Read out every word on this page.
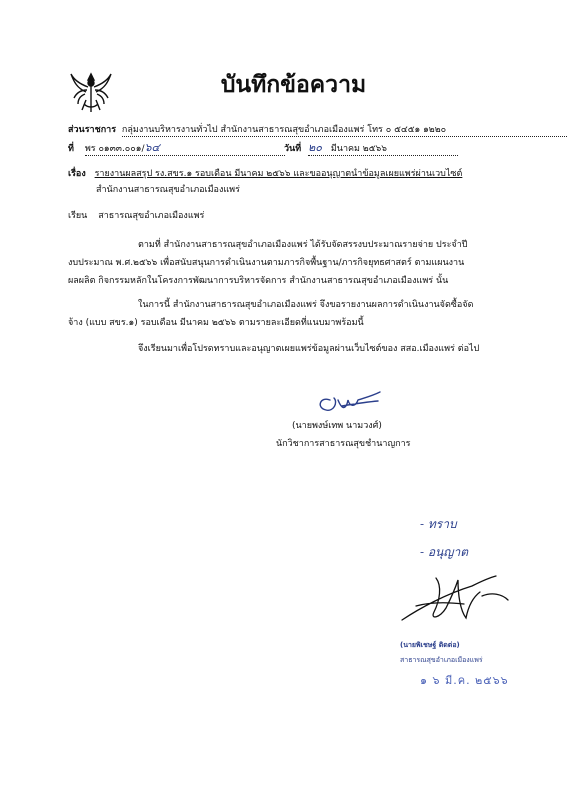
บันทึกข้อความ
ส่วนราชการ กลุ่มงานบริหารงานทั่วไป สำนักงานสาธารณสุขอำเภอเมืองแพร่ โทร ๐ ๕๔๕๑ ๑๒๒๐
ที่ พร ๐๑๓๓.๐๐๑/๖๔	วันที่ ๒๐ มีนาคม ๒๕๖๖
เรื่อง รายงานผลสรุป รง.สขร.๑ รอบเดือน มีนาคม ๒๕๖๖ และขออนุญาตนำข้อมูลเผยแพร่ผ่านเวบไซต์
สำนักงานสาธารณสุขอำเภอเมืองแพร่
เรียน สาธารณสุขอำเภอเมืองแพร่
ตามที่ สำนักงานสาธารณสุขอำเภอเมืองแพร่ ได้รับจัดสรรงบประมาณรายจ่าย ประจำปี
งบประมาณ พ.ศ.๒๕๖๖ เพื่อสนับสนุนการดำเนินงานตามภารกิจพื้นฐาน/ภารกิจยุทธศาสตร์ ตามแผนงาน
ผลผลิต กิจกรรมหลักในโครงการพัฒนาการบริหารจัดการ สำนักงานสาธารณสุขอำเภอเมืองแพร่ นั้น
ในการนี้ สำนักงานสาธารณสุขอำเภอเมืองแพร่ จึงขอรายงานผลการดำเนินงานจัดซื้อจัด
จ้าง (แบบ สขร.๑) รอบเดือน มีนาคม ๒๕๖๖ ตามรายละเอียดที่แนบมาพร้อมนี้
จึงเรียนมาเพื่อโปรดทราบและอนุญาตเผยแพร่ข้อมูลผ่านเว็บไซต์ของ สสอ.เมืองแพร่ ต่อไป
(นายพงษ์เทพ นามวงศ์)
นักวิชาการสาธารณสุขชำนาญการ
- ทราบ
- อนุญาต
(นายพิเชษฐ์ ติดต่อ)
สาธารณสุขอำเภอเมืองแพร่
๑ ๖ มี.ค. ๒๕๖๖
